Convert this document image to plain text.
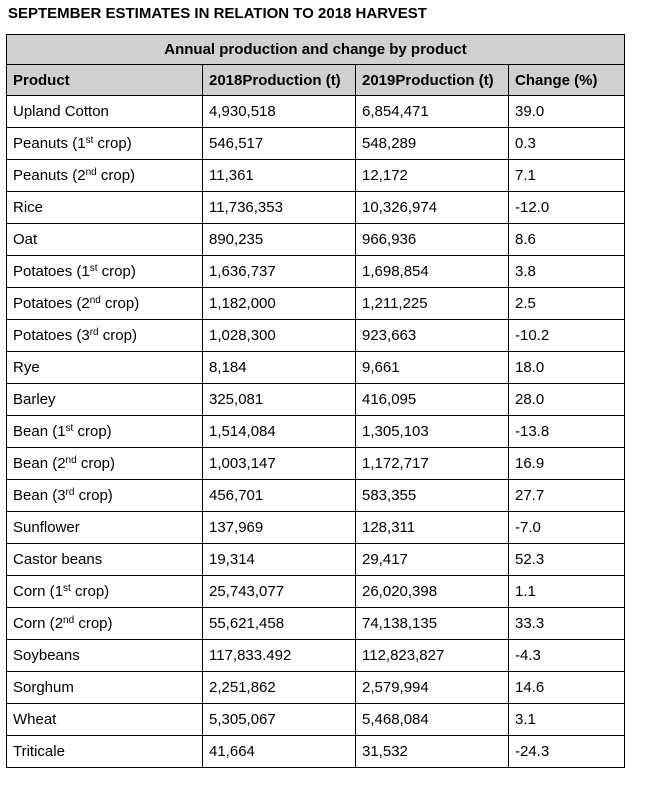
SEPTEMBER ESTIMATES IN RELATION TO 2018 HARVEST
Annual production and change by product			
Product	2018Production (t)	2019Production (t)	Change (%)
Upland Cotton	4,930,518	6,854,471	39.0
Peanuts (1st crop)	546,517	548,289	0.3
Peanuts (2nd crop)	11,361	12,172	7.1
Rice	11,736,353	10,326,974	-12.0
Oat	890,235	966,936	8.6
Potatoes (1st crop)	1,636,737	1,698,854	3.8
Potatoes (2nd crop)	1,182,000	1,211,225	2.5
Potatoes (3rd crop)	1,028,300	923,663	-10.2
Rye	8,184	9,661	18.0
Barley	325,081	416,095	28.0
Bean (1st crop)	1,514,084	1,305,103	-13.8
Bean (2nd crop)	1,003,147	1,172,717	16.9
Bean (3rd crop)	456,701	583,355	27.7
Sunflower	137,969	128,311	-7.0
Castor beans	19,314	29,417	52.3
Corn (1st crop)	25,743,077	26,020,398	1.1
Corn (2nd crop)	55,621,458	74,138,135	33.3
Soybeans	117,833.492	112,823,827	-4.3
Sorghum	2,251,862	2,579,994	14.6
Wheat	5,305,067	5,468,084	3.1
Triticale	41,664	31,532	-24.3
